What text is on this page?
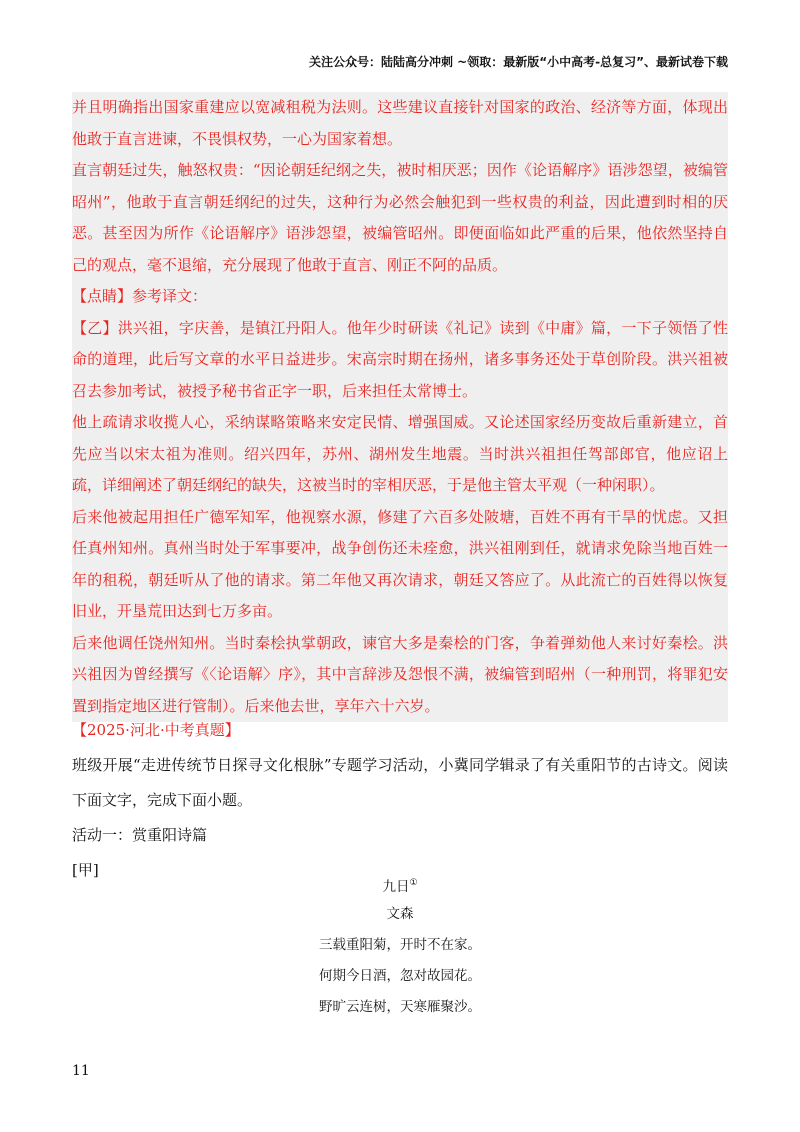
关注公众号：陆陆高分冲刺 ~领取：最新版“小中高考-总复习”、最新试卷下载

并且明确指出国家重建应以宽减租税为法则。这些建议直接针对国家的政治、经济等方面，体现出他敢于直言进谏，不畏惧权势，一心为国家着想。

直言朝廷过失，触怒权贵：“因论朝廷纪纲之失，被时相厌恶；因作《论语解序》语涉怨望，被编管昭州”，他敢于直言朝廷纲纪的过失，这种行为必然会触犯到一些权贵的利益，因此遭到时相的厌恶。甚至因为所作《论语解序》语涉怨望，被编管昭州。即便面临如此严重的后果，他依然坚持自己的观点，毫不退缩，充分展现了他敢于直言、刚正不阿的品质。

【点睛】参考译文：

【乙】洪兴祖，字庆善，是镇江丹阳人。他年少时研读《礼记》读到《中庸》篇，一下子领悟了性命的道理，此后写文章的水平日益进步。宋高宗时期在扬州，诸多事务还处于草创阶段。洪兴祖被召去参加考试，被授予秘书省正字一职，后来担任太常博士。

他上疏请求收揽人心，采纳谋略策略来安定民情、增强国威。又论述国家经历变故后重新建立，首先应当以宋太祖为准则。绍兴四年，苏州、湖州发生地震。当时洪兴祖担任驾部郎官，他应诏上疏，详细阐述了朝廷纲纪的缺失，这被当时的宰相厌恶，于是他主管太平观（一种闲职）。

后来他被起用担任广德军知军，他视察水源，修建了六百多处陂塘，百姓不再有干旱的忧虑。又担任真州知州。真州当时处于军事要冲，战争创伤还未痊愈，洪兴祖刚到任，就请求免除当地百姓一年的租税，朝廷听从了他的请求。第二年他又再次请求，朝廷又答应了。从此流亡的百姓得以恢复旧业，开垦荒田达到七万多亩。

后来他调任饶州知州。当时秦桧执掌朝政，谏官大多是秦桧的门客，争着弹劾他人来讨好秦桧。洪兴祖因为曾经撰写《〈论语解〉序》，其中言辞涉及怨恨不满，被编管到昭州（一种刑罚，将罪犯安置到指定地区进行管制）。后来他去世，享年六十六岁。

【2025·河北·中考真题】

班级开展“走进传统节日探寻文化根脉”专题学习活动，小冀同学辑录了有关重阳节的古诗文。阅读下面文字，完成下面小题。

活动一：赏重阳诗篇

[甲]

九日①
文森
三载重阳菊，开时不在家。
何期今日酒，忽对故园花。
野旷云连树，天寒雁聚沙。
11
